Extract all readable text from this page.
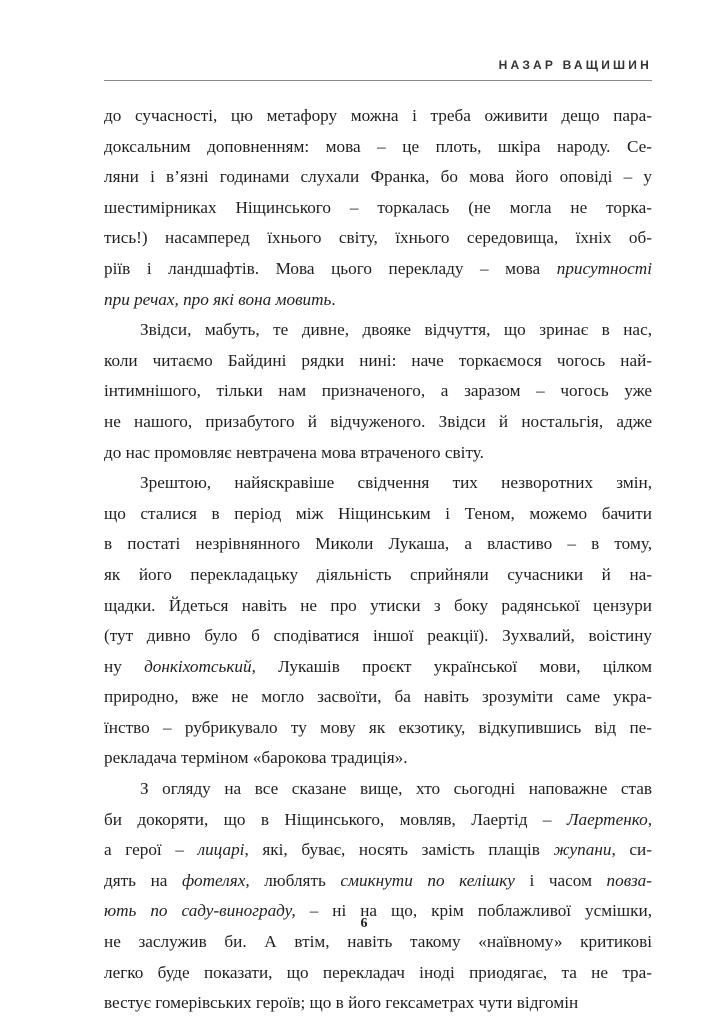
НАЗАР ВАЩИШИН
до сучасності, цю метафору можна і треба оживити дещо пара-
доксальним доповненням: мова – це плоть, шкіра народу. Се-
ляни і в’язні годинами слухали Франка, бо мова його оповіді – у
шестимірниках Ніщинського – торкалась (не могла не торка-
тись!) насамперед їхнього світу, їхнього середовища, їхніх об-
ріїв і ландшафтів. Мова цього перекладу – мова присутності
при речах, про які вона мовить.
Звідси, мабуть, те дивне, двояке відчуття, що зринає в нас,
коли читаємо Байдині рядки нині: наче торкаємося чогось най-
інтимнішого, тільки нам призначеного, а заразом – чогось уже
не нашого, призабутого й відчуженого. Звідси й ностальгія, адже
до нас промовляє невтрачена мова втраченого світу.
Зрештою, найяскравіше свідчення тих незворотних змін,
що сталися в період між Ніщинським і Теном, можемо бачити
в постаті незрівнянного Миколи Лукаша, а властиво – в тому,
як його перекладацьку діяльність сприйняли сучасники й на-
щадки. Йдеться навіть не про утиски з боку радянської цензури
(тут дивно було б сподіватися іншої реакції). Зухвалий, воістину
ну донкіхотський, Лукашів проєкт української мови, цілком
природно, вже не могло засвоїти, ба навіть зрозуміти саме укра-
їнство – рубрикувало ту мову як екзотику, відкупившись від пе-
рекладача терміном «барокова традиція».
З огляду на все сказане вище, хто сьогодні наповажне став
би докоряти, що в Ніщинського, мовляв, Лаертід – Лаертенко,
а герої – лицарі, які, буває, носять замість плащів жупани, си-
дять на фотелях, люблять смикнути по келішку і часом повза-
ють по саду-винограду, – ні на що, крім поблажливої усмішки,
не заслужив би. А втім, навіть такому «наївному» критикові
легко буде показати, що перекладач іноді приодягає, та не тра-
вестує гомерівських героїв; що в його гексаметрах чути відгомін
6
